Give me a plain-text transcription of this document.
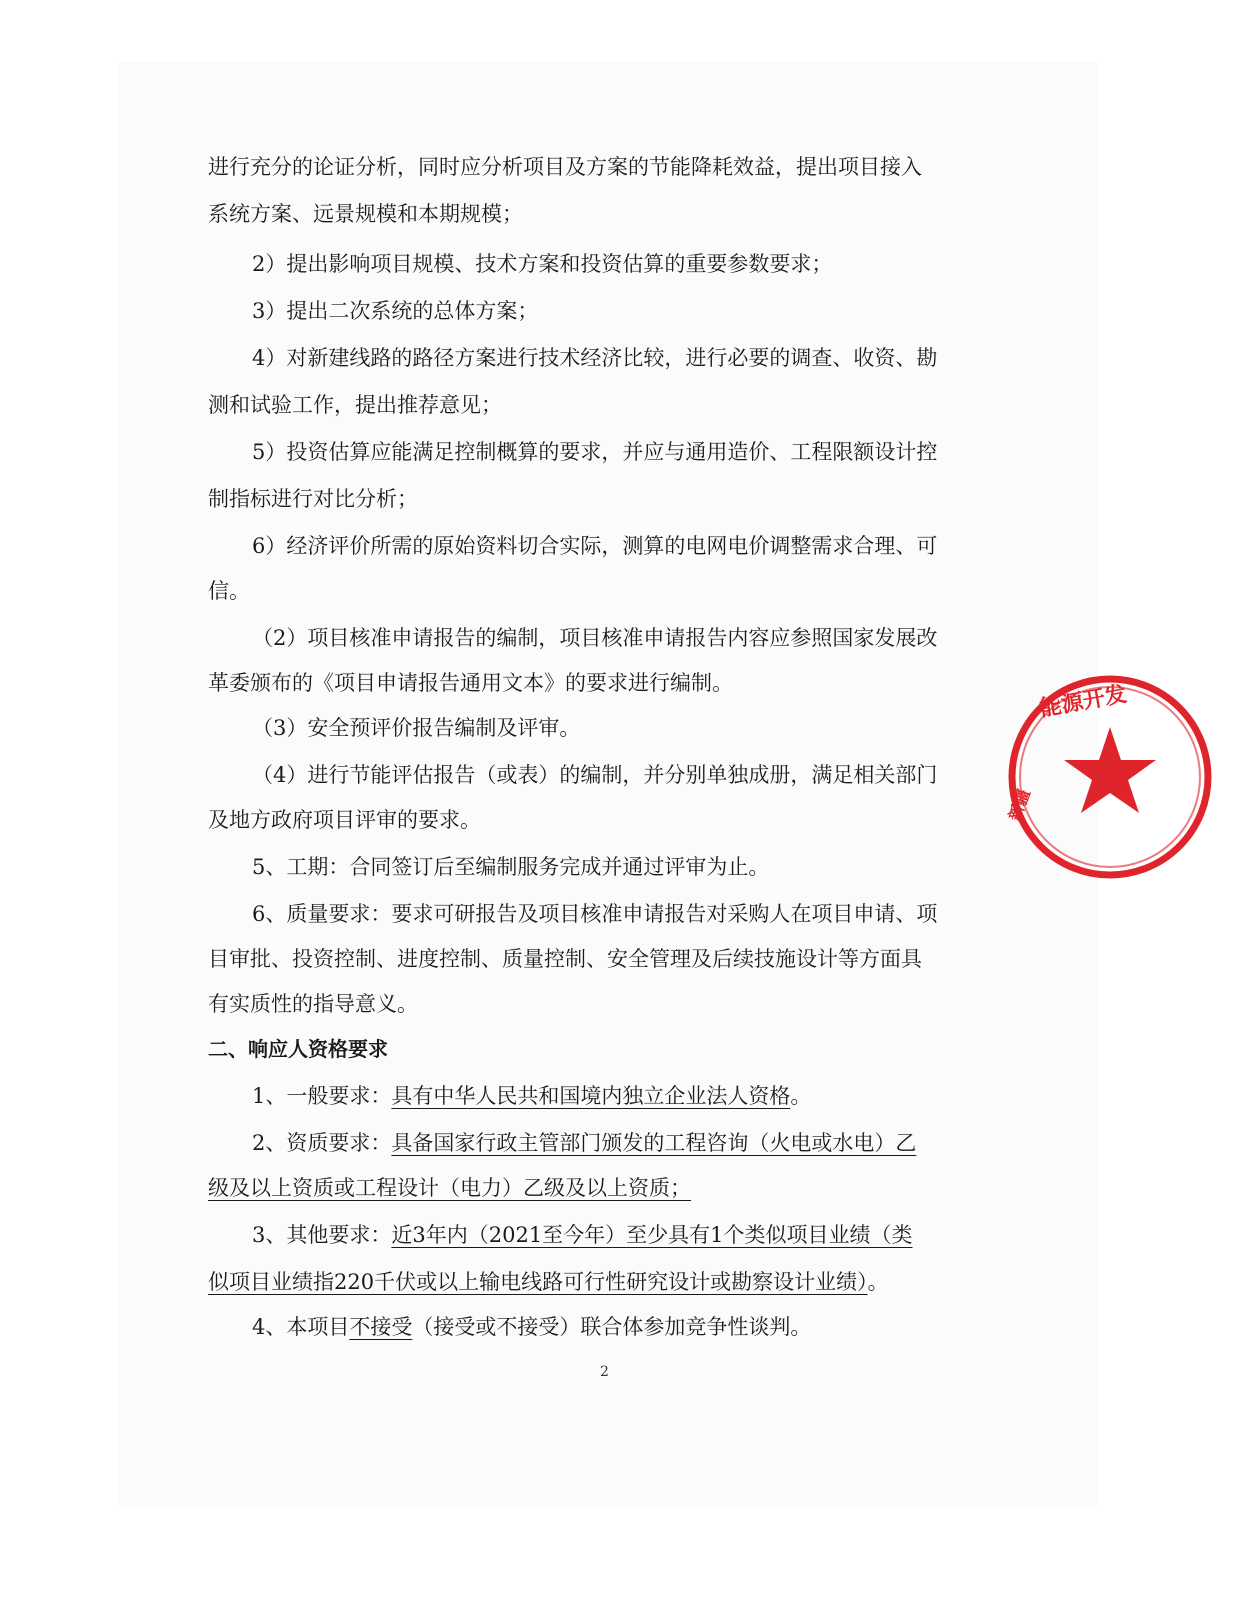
进行充分的论证分析，同时应分析项目及方案的节能降耗效益，提出项目接入
系统方案、远景规模和本期规模；
2）提出影响项目规模、技术方案和投资估算的重要参数要求；
3）提出二次系统的总体方案；
4）对新建线路的路径方案进行技术经济比较，进行必要的调查、收资、勘
测和试验工作，提出推荐意见；
5）投资估算应能满足控制概算的要求，并应与通用造价、工程限额设计控
制指标进行对比分析；
6）经济评价所需的原始资料切合实际，测算的电网电价调整需求合理、可
信。
（2）项目核准申请报告的编制，项目核准申请报告内容应参照国家发展改
革委颁布的《项目申请报告通用文本》的要求进行编制。
（3）安全预评价报告编制及评审。
（4）进行节能评估报告（或表）的编制，并分别单独成册，满足相关部门
及地方政府项目评审的要求。
5、工期：合同签订后至编制服务完成并通过评审为止。
6、质量要求：要求可研报告及项目核准申请报告对采购人在项目申请、项
目审批、投资控制、进度控制、质量控制、安全管理及后续技施设计等方面具
有实质性的指导意义。
二、响应人资格要求
1、一般要求：具有中华人民共和国境内独立企业法人资格。
2、资质要求：具备国家行政主管部门颁发的工程咨询（火电或水电）乙
级及以上资质或工程设计（电力）乙级及以上资质；
3、其他要求：近3年内（2021至今年）至少具有1个类似项目业绩（类
似项目业绩指220千伏或以上输电线路可行性研究设计或勘察设计业绩）。
4、本项目不接受（接受或不接受）联合体参加竞争性谈判。
2
能源开发
新疆
